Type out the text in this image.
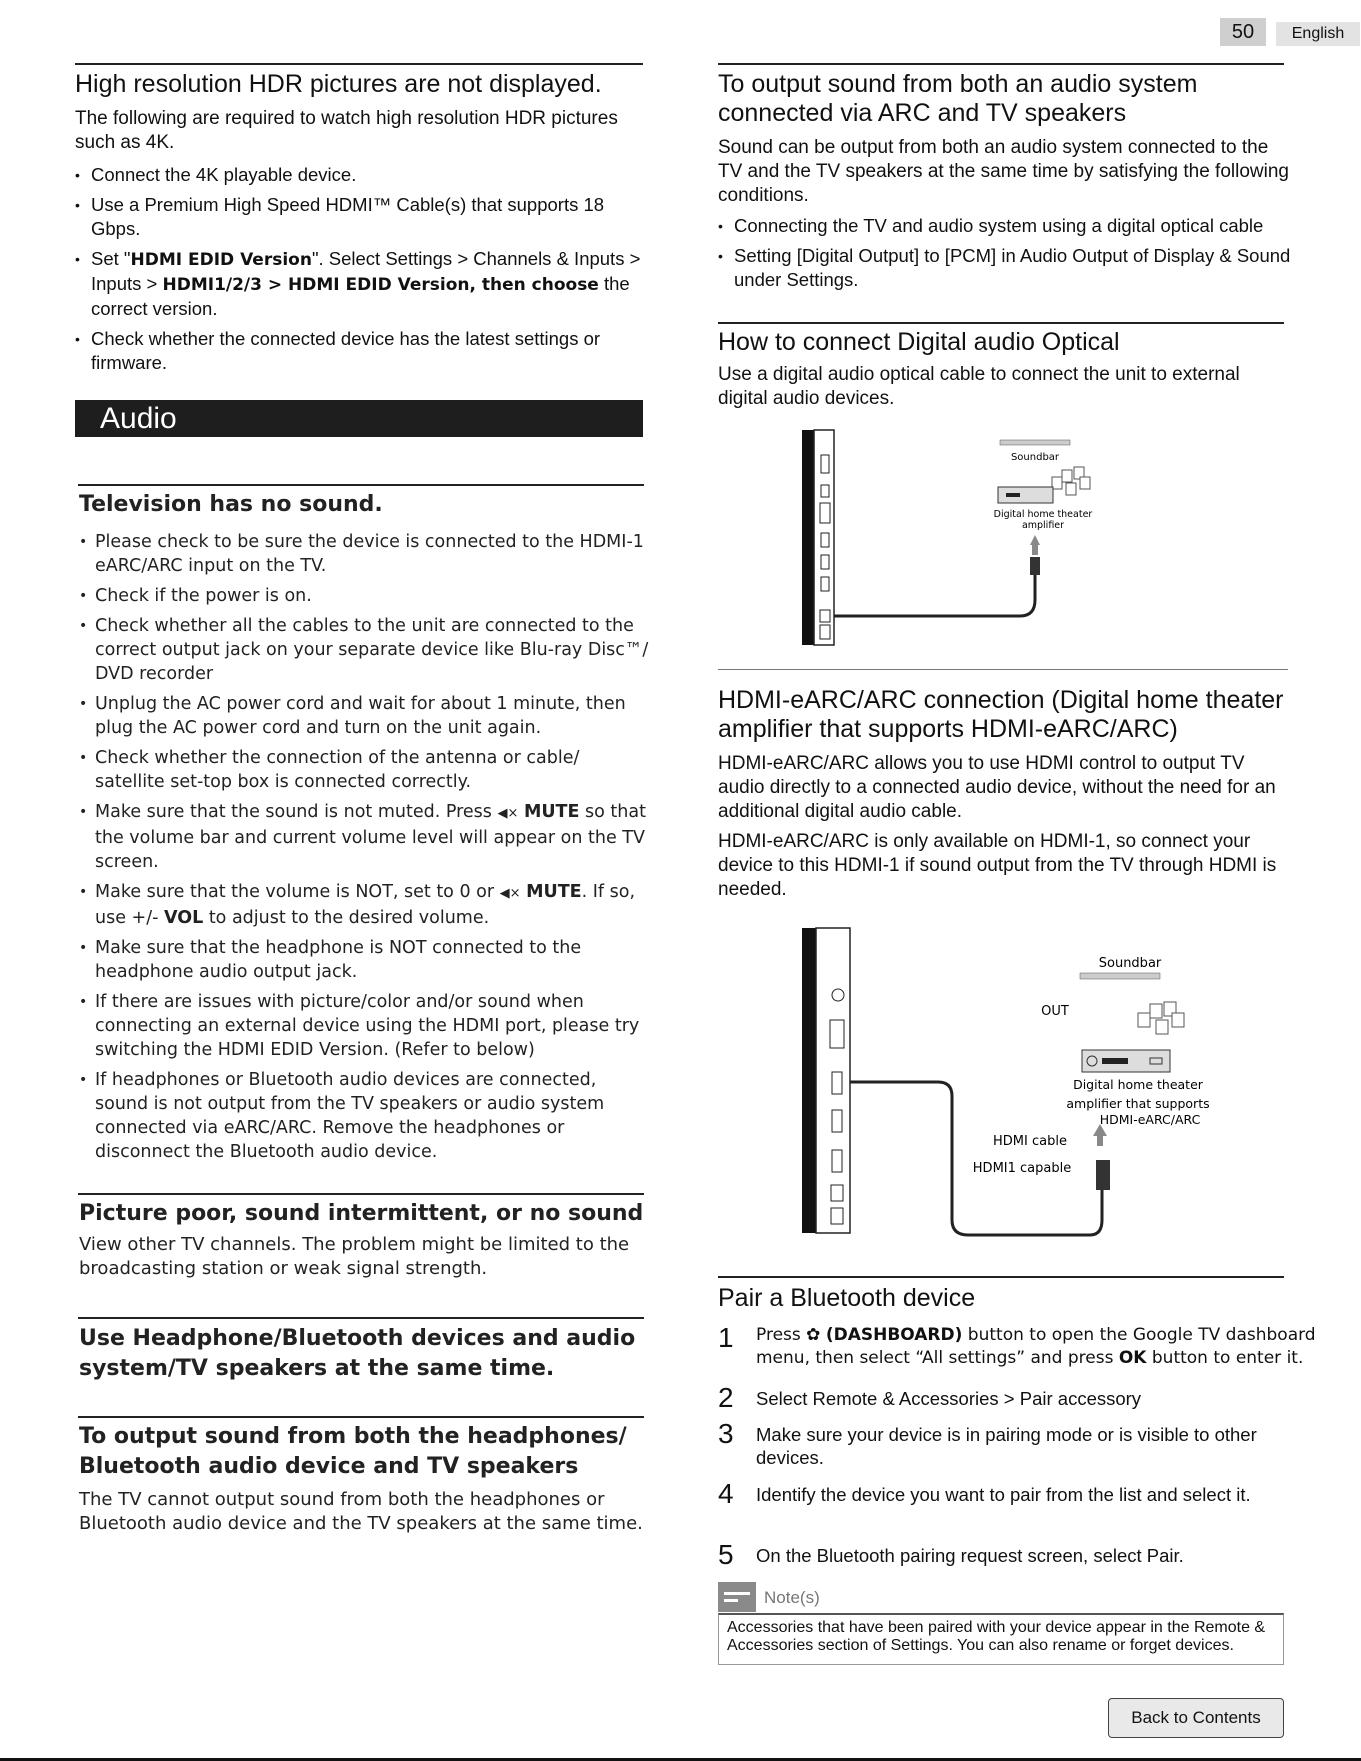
50	English
High resolution HDR pictures are not displayed.

The following are required to watch high resolution HDR pictures such as 4K.

• Connect the 4K playable device.
• Use a Premium High Speed HDMI™ Cable(s) that supports 18 Gbps.
• Set "HDMI EDID Version". Select Settings > Channels & Inputs > Inputs > HDMI1/2/3 > HDMI EDID Version, then choose the correct version.
• Check whether the connected device has the latest settings or firmware.
Audio
Television has no sound.
• Please check to be sure the device is connected to the HDMI-1 eARC/ARC input on the TV.
• Check if the power is on.
• Check whether all the cables to the unit are connected to the correct output jack on your separate device like Blu-ray Disc™/ DVD recorder
• Unplug the AC power cord and wait for about 1 minute, then plug the AC power cord and turn on the unit again.
• Check whether the connection of the antenna or cable/ satellite set-top box is connected correctly.
• Make sure that the sound is not muted. Press ◀× MUTE so that the volume bar and current volume level will appear on the TV screen.
• Make sure that the volume is NOT, set to 0 or ◀× MUTE. If so, use +/- VOL to adjust to the desired volume.
• Make sure that the headphone is NOT connected to the headphone audio output jack.
• If there are issues with picture/color and/or sound when connecting an external device using the HDMI port, please try switching the HDMI EDID Version. (Refer to below)
• If headphones or Bluetooth audio devices are connected, sound is not output from the TV speakers or audio system connected via eARC/ARC. Remove the headphones or disconnect the Bluetooth audio device.
Picture poor, sound intermittent, or no sound

View other TV channels. The problem might be limited to the broadcasting station or weak signal strength.

Use Headphone/Bluetooth devices and audio system/TV speakers at the same time.
To output sound from both the headphones/ Bluetooth audio device and TV speakers

The TV cannot output sound from both the headphones or Bluetooth audio device and the TV speakers at the same time.

To output sound from both an audio system connected via ARC and TV speakers

Sound can be output from both an audio system connected to the TV and the TV speakers at the same time by satisfying the following conditions.

• Connecting the TV and audio system using a digital optical cable
• Setting [Digital Output] to [PCM] in Audio Output of Display & Sound under Settings.
How to connect Digital audio Optical

Use a digital audio optical cable to connect the unit to external digital audio devices.

Soundbar
Digital home theater
amplifier
HDMI-eARC/ARC connection (Digital home theater amplifier that supports HDMI-eARC/ARC)

HDMI-eARC/ARC allows you to use HDMI control to output TV audio directly to a connected audio device, without the need for an additional digital audio cable.

HDMI-eARC/ARC is only available on HDMI-1, so connect your device to this HDMI-1 if sound output from the TV through HDMI is needed.

HDMI cable
HDMI1 capable
Soundbar
OUT
Digital home theater
amplifier that supports
HDMI-eARC/ARC
Pair a Bluetooth device
1 Press ✿ (DASHBOARD) button to open the Google TV dashboard menu, then select “All settings” and press OK button to enter it.
2 Select Remote & Accessories > Pair accessory
3 Make sure your device is in pairing mode or is visible to other devices.
4 Identify the device you want to pair from the list and select it.
5 On the Bluetooth pairing request screen, select Pair.
Note(s)
Accessories that have been paired with your device appear in the Remote & Accessories section of Settings. You can also rename or forget devices.
Back to Contents
